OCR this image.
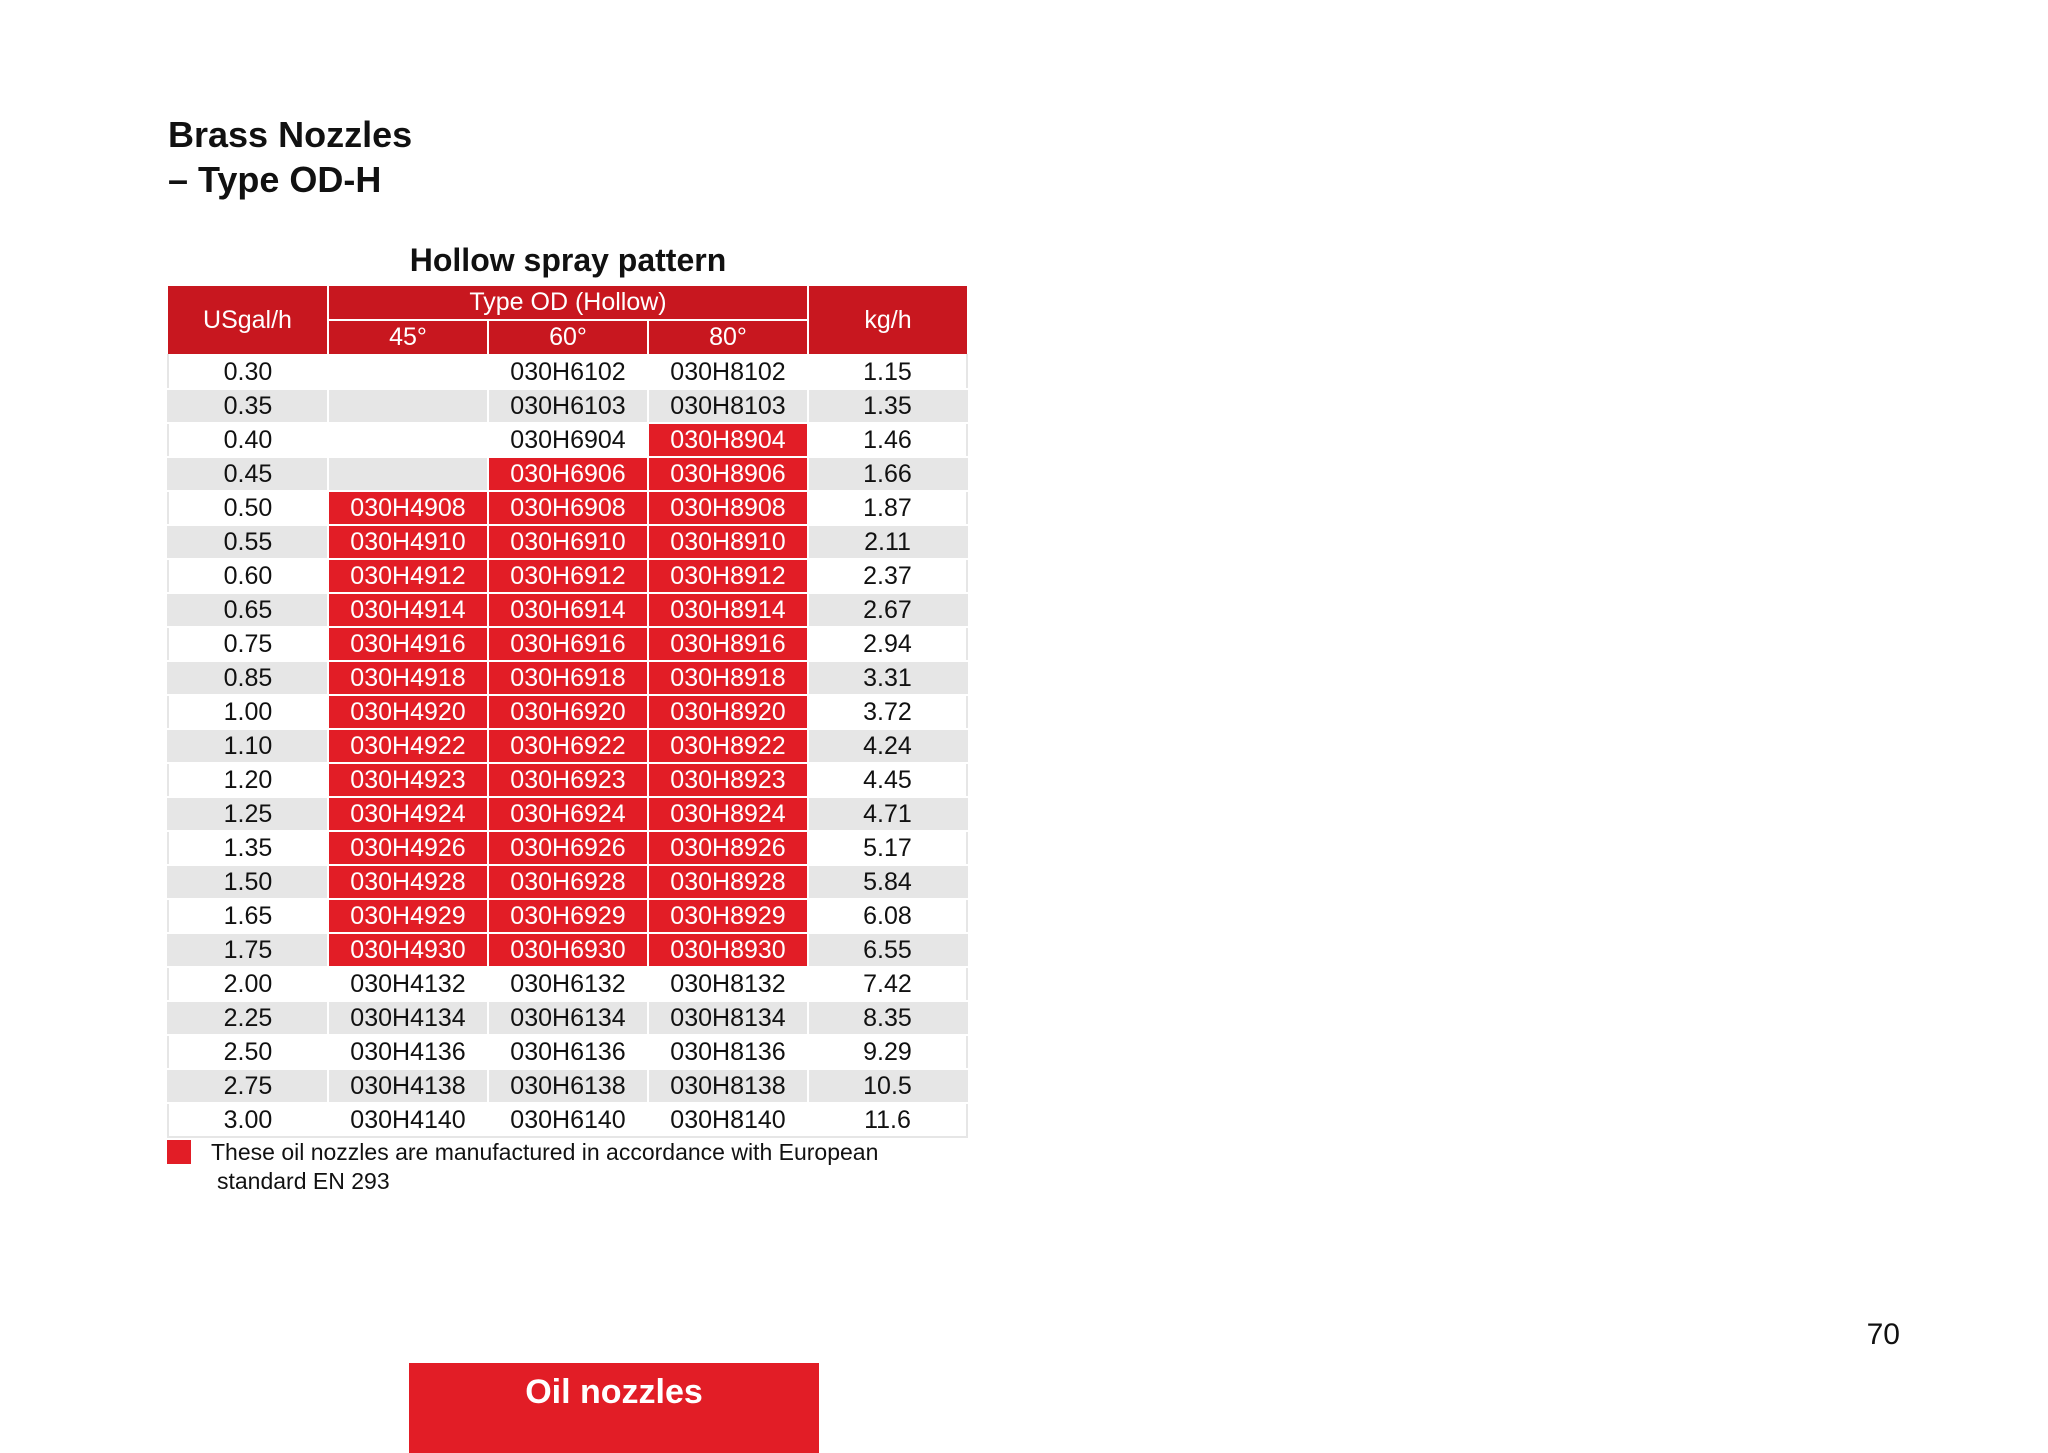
Brass Nozzles
– Type OD-H
Hollow spray pattern
USgal/h	Type OD (Hollow)			kg/h
	45°	60°	80°	
0.30		030H6102	030H8102	1.15
0.35		030H6103	030H8103	1.35
0.40		030H6904	030H8904	1.46
0.45		030H6906	030H8906	1.66
0.50	030H4908	030H6908	030H8908	1.87
0.55	030H4910	030H6910	030H8910	2.11
0.60	030H4912	030H6912	030H8912	2.37
0.65	030H4914	030H6914	030H8914	2.67
0.75	030H4916	030H6916	030H8916	2.94
0.85	030H4918	030H6918	030H8918	3.31
1.00	030H4920	030H6920	030H8920	3.72
1.10	030H4922	030H6922	030H8922	4.24
1.20	030H4923	030H6923	030H8923	4.45
1.25	030H4924	030H6924	030H8924	4.71
1.35	030H4926	030H6926	030H8926	5.17
1.50	030H4928	030H6928	030H8928	5.84
1.65	030H4929	030H6929	030H8929	6.08
1.75	030H4930	030H6930	030H8930	6.55
2.00	030H4132	030H6132	030H8132	7.42
2.25	030H4134	030H6134	030H8134	8.35
2.50	030H4136	030H6136	030H8136	9.29
2.75	030H4138	030H6138	030H8138	10.5
3.00	030H4140	030H6140	030H8140	11.6

These oil nozzles are manufactured in accordance with European
standard EN 293

70
Oil nozzles
